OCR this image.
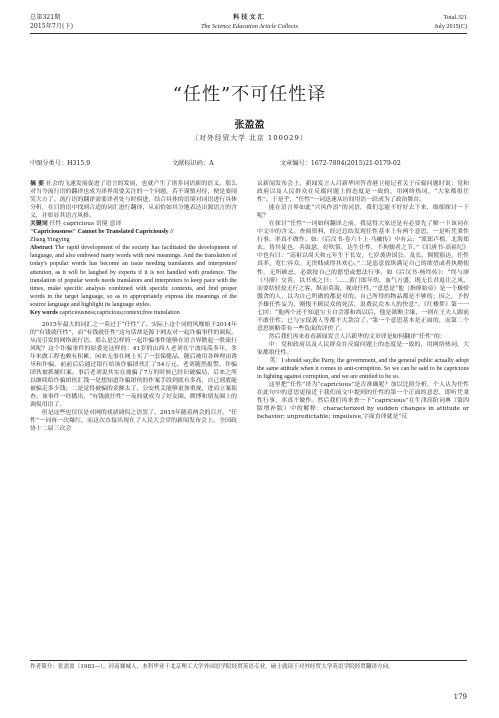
总第321期
2015年7月(下)
科技文汇
The Science Education Article Collects
Total.321
July 2015(C)
“任性”不可任性译
张盈盈
（对外经贸大学 北京 100029）
中图分类号：H315.9	文献标识码：A	文章编号：1672-7894(2015)21-0179-02

摘 要 社会的飞速发展促进了语言的发展，也就产生了诸多词语新的语义。那么对当今流行语的翻译也成为译界需要关注的一个问题，若不谨慎对待，便是要闹笑大方了。流行语的翻译需要译者处与时俱进，结合具体的语境对词语进行具体分析，在目的语中找到合适的词汇进行翻译，从而恰如其分地表达出源语言的含义，并彰显其语言风格。

关键词 任性 capricious 语境 意译

"Capriciousness" Cannot be Translated Capriciously //
Zhang Yingying
Abstract The rapid development of the society has facilitated the development of language, and also endowed many words with new meanings. And the translation of today's popular words has become an issue needing translators and interpreters' attention, as it will be laughed by experts if it is not handled with prudence. The translation of popular words needs translators and interpreters to keep pace with the times, make specific analysis combined with specific contexts, and find proper words in the target language, so as to appropriately express the meanings of the source language and highlight its language styles.
Key words capriciousness;capricious;context;free translation

2015年最大的词汇之一莫过于“任性”了。实际上这个词的风靡始于2014年的“有钱就任性”，而“有钱就任性”这句话却是源于网友对一起诈骗事件的调侃。从而引发的网络流行语。那么是怎样的一起诈骗事件能够在语言界掀起一股流行风呢？这个诈骗事件的原委是这样的：41岁的山西人老刘在宁波闯荡多年，多年来做工程也颇有积累，闲来无事在网上买了一套保健品，随后被用各种理由诱导和诈骗，前前后后通过银行给该诈骗团伙汇了54万元。老刘随然报警，诈骗团伙被抓捕归案。事后老刘说其实在被骗了7万的时候已经识破骗局，后来之所以继续给诈骗团伙汇钱一是想知道诈骗团伙的作案手段到底有多高，自己到底能被骗走多少钱；二是觉得被骗的金额太了，公安机关能够更加重视，进而立案侦查。该事件一经播出，“有钱就任性”一夜间就成为了好友圈、微博和朋友圈上的调侃用语了。

但是这些也仅仅是对网的戏谑调侃之语罢了。2015年随着两会的召开，“任性”一词再一次爆红，而这次直接出现在了人民大会堂的新闻发布会上。全国政协十二届三次会

议新闻发布会上，新闻发言人吕新华回答香港卫视记者关于反腐问题时说：党和政府以及人民群众在反腐问题上的态度是一致的，用网络热词，“大家都很任性”。于是乎，“任性”一词迅速从坊间用语一跃成为了政治舞台。

能在语言界如此“兴风作浪”的词语，我们怎能不好好去下来，细细探讨一下呢？

在探讨“任性”一词如何翻译之前，我觉得大家还是有必要先了解一下该词在中文中的含义。查阅资料，经过总结发现任性基本上有两个意思，一是听凭秉性行事，率真不做作。如:《后汉书·卷六十上·马融传》中有云：“派郎卢植，北海郑玄，皆其徒也，善鼓瑟，好吹笛，达生任性，不拘儒者之节。”《旧唐书·高祖纪》中也有曰：“高祖以周天和元年生于长安，七岁袭唐国公。及长，倜傥豁达，任性真率，宽仁容众。无贵贱咸得其欢心。”二是恣意放纵满足自己的欲望或者执拗使性，无所顾忌，必欲按自己的愿望或想法行事。如《后汉书·杨终传》：“终与廖（马廖）交善，以书戒之曰：‘……黄门郎年幼，血气方盛，既无长君退让之风，而要结轻狡无行之客，纵而莫诲，视成任性，’”意思是“他（指廖始帝）是一个极骄傲贪的人，以为自己所做的都是对的，自己所得的物品都是不够的；因之，予智予雄任性妄为，刚愎不顾民众的死活，浪费民众本人的快意”。《红楼梦》第一一七回：“他两个还不知道宝玉自会那和尚以后，他是欲断尘缘，一则在王夫人跟前不敢任性，已与宝钗袭人等都不大款洽了。”第一个意思基本是正面的，而第二个意思则略带有一些负面的评价了。

然后我们再来看看新闻发言人吕新华的文章译是如何翻译“任性”的：

中：党和政府以及人民群众在反腐问题上的态度是一致的，用网络热词，大家都很任性。

英：I should say,the Party, the government, and the general public actually adopt the same attitude when it comes to anti-corruption. So we can be said to be capricious in fighting against corruption, and we are entitled to be so.

这里把“任性”译为“capricious”是否准确呢？加以比照分析，个人认为任性在此句中的意思更接近于我们前文中提到的任性的第一个正面的意思，即听凭秉性行事，率真不做作。然后我们再来查一下“capricious”在牛津高阶词典（第四版增补版）中的解释：characterized by sudden changes in attitude or behavior; unpredictable; impulsive,字面直译就是“反

作者简介：张盈盈（1983—），河南襄城人，本科毕业于北京理工大学外国语学院经贸英语专业，硕士就读于对外经贸大学英语学院经贸翻译方向。
179
